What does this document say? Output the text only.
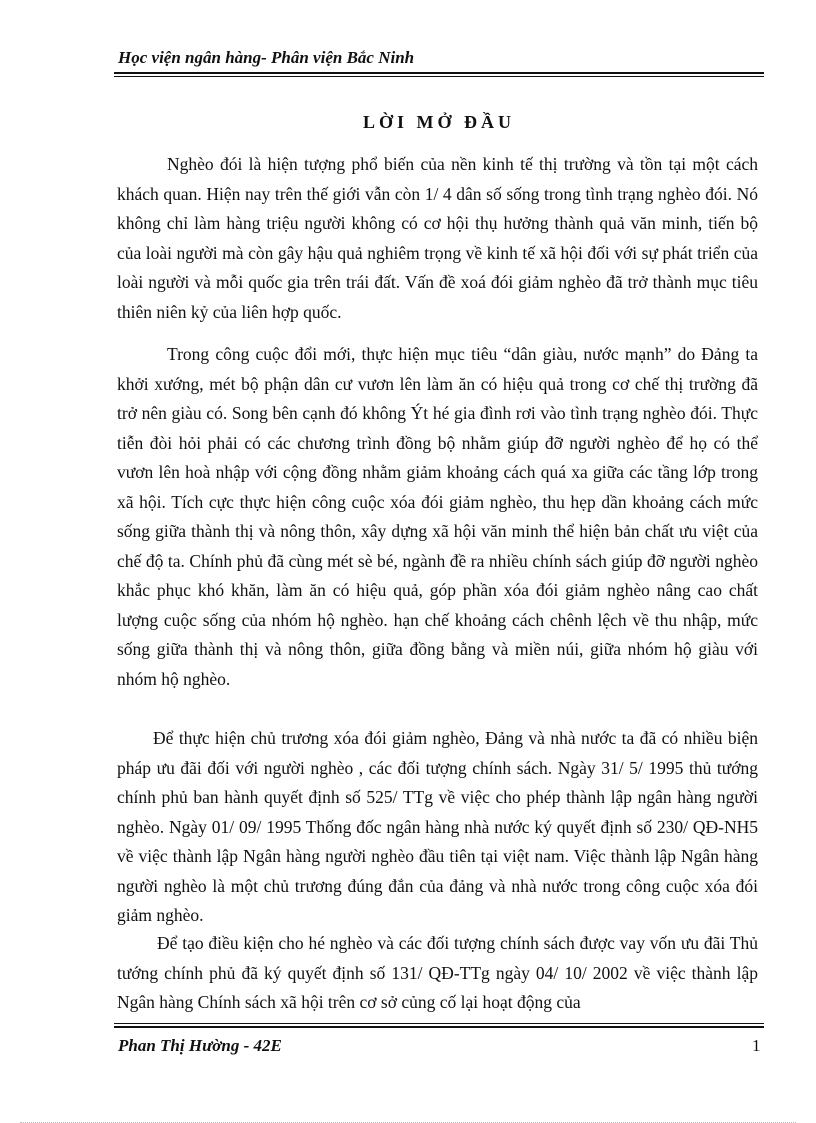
Học viện ngân hàng- Phân viện Bắc Ninh
LỜI MỞ ĐẦU

Nghèo đói là hiện tượng phổ biến của nền kinh tế thị trường và tồn tại một cách khách quan. Hiện nay trên thế giới vẫn còn 1/ 4 dân số sống trong tình trạng nghèo đói. Nó không chỉ làm hàng triệu người không có cơ hội thụ hưởng thành quả văn minh, tiến bộ của loài người mà còn gây hậu quả nghiêm trọng về kinh tế xã hội đối với sự phát triển của loài người và mỗi quốc gia trên trái đất. Vấn đề xoá đói giảm nghèo đã trở thành mục tiêu thiên niên kỷ của liên hợp quốc.

Trong công cuộc đổi mới, thực hiện mục tiêu “dân giàu, nước mạnh” do Đảng ta khởi xướng, mét bộ phận dân cư vươn lên làm ăn có hiệu quả trong cơ chế thị trường đã trở nên giàu có. Song bên cạnh đó không Ýt hé gia đình rơi vào tình trạng nghèo đói. Thực tiễn đòi hỏi phải có các chương trình đồng bộ nhằm giúp đỡ người nghèo để họ có thể vươn lên hoà nhập với cộng đồng nhằm giảm khoảng cách quá xa giữa các tầng lớp trong xã hội. Tích cực thực hiện công cuộc xóa đói giảm nghèo, thu hẹp dần khoảng cách mức sống giữa thành thị và nông thôn, xây dựng xã hội văn minh thể hiện bản chất ưu việt của chế độ ta. Chính phủ đã cùng mét sè bé, ngành đề ra nhiều chính sách giúp đỡ người nghèo khắc phục khó khăn, làm ăn có hiệu quả, góp phần xóa đói giảm nghèo nâng cao chất lượng cuộc sống của nhóm hộ nghèo. hạn chế khoảng cách chênh lệch về thu nhập, mức sống giữa thành thị và nông thôn, giữa đồng bằng và miền núi, giữa nhóm hộ giàu với nhóm hộ nghèo.

Để thực hiện chủ trương xóa đói giảm nghèo, Đảng và nhà nước ta đã có nhiều biện pháp ưu đãi đối với người nghèo , các đối tượng chính sách. Ngày 31/ 5/ 1995 thủ tướng chính phủ ban hành quyết định số 525/ TTg về việc cho phép thành lập ngân hàng người nghèo. Ngày 01/ 09/ 1995 Thống đốc ngân hàng nhà nước ký quyết định số 230/ QĐ-NH5 về việc thành lập Ngân hàng người nghèo đầu tiên tại việt nam. Việc thành lập Ngân hàng người nghèo là một chủ trương đúng đắn của đảng và nhà nước trong công cuộc xóa đói giảm nghèo.

Để tạo điều kiện cho hé nghèo và các đối tượng chính sách được vay vốn ưu đãi Thủ tướng chính phủ đã ký quyết định số 131/ QĐ-TTg ngày 04/ 10/ 2002 về việc thành lập Ngân hàng Chính sách xã hội trên cơ sở củng cố lại hoạt động của

Phan Thị Hường - 42E	1
